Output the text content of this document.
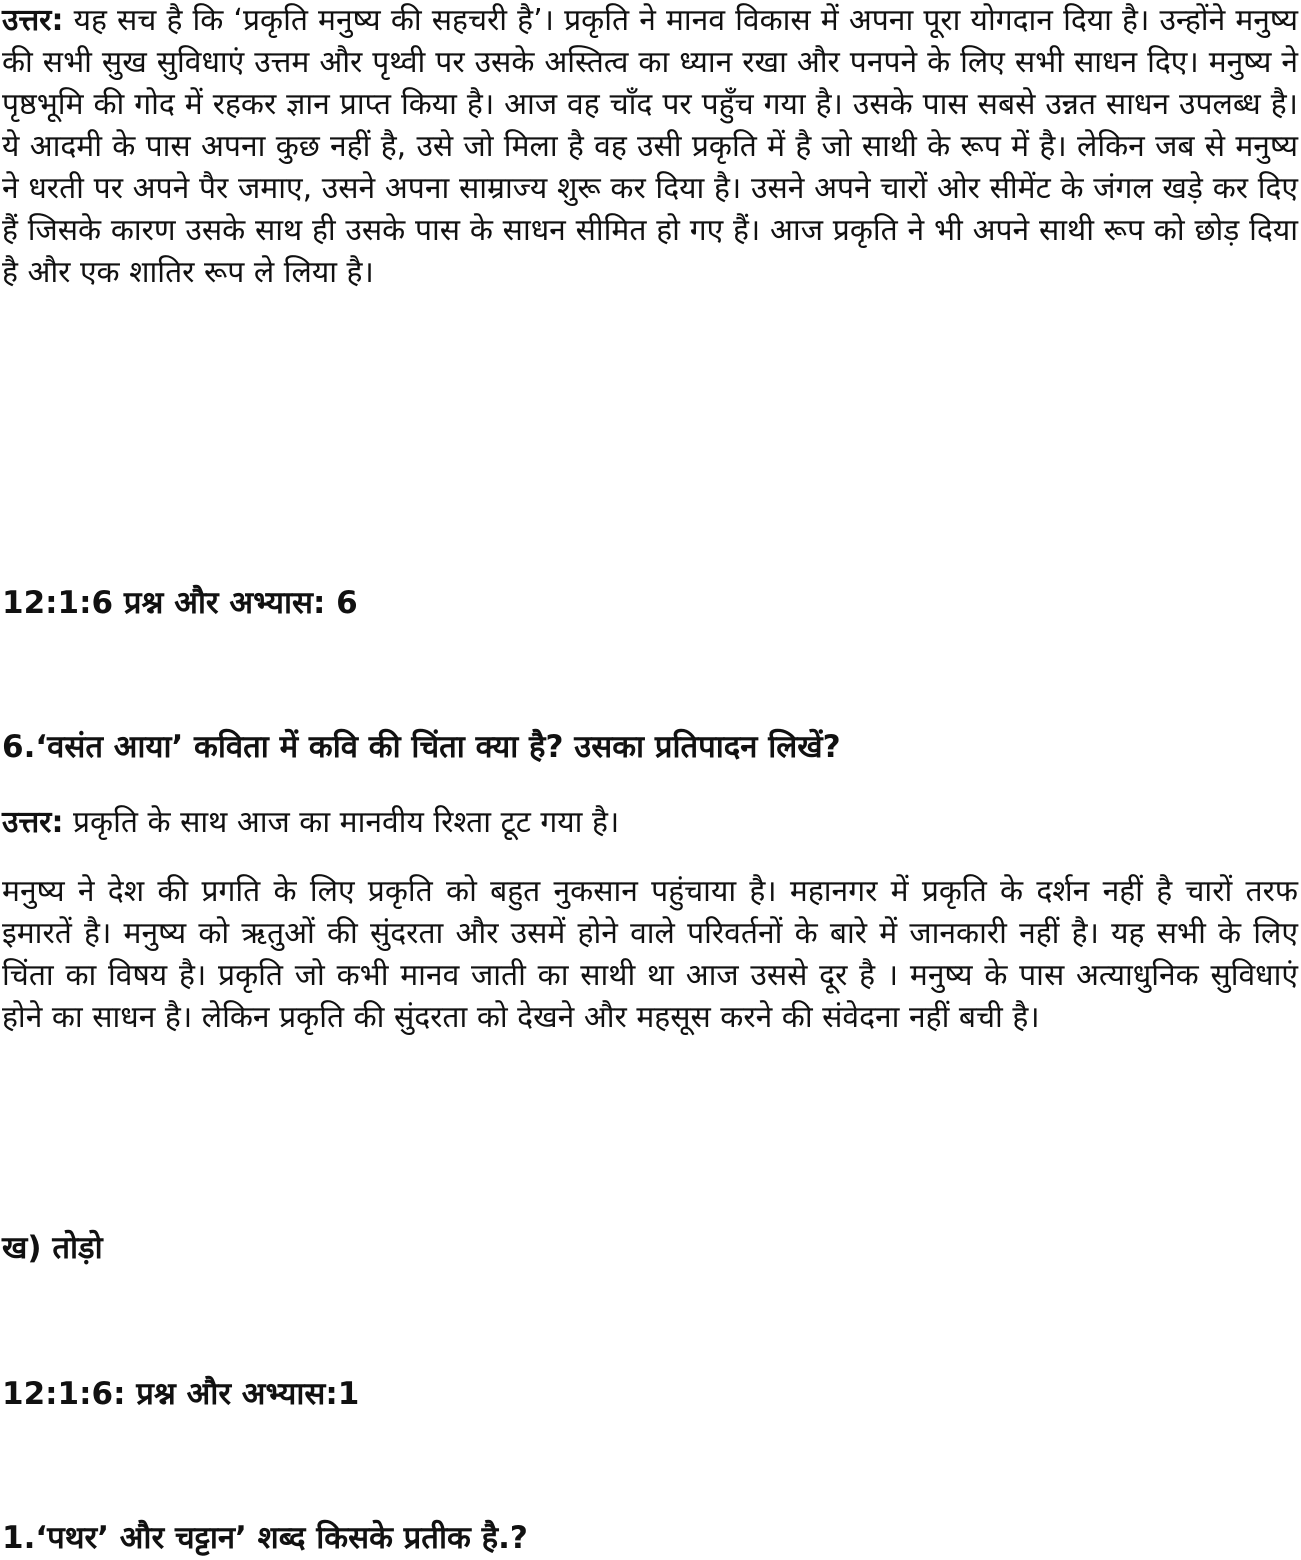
उत्तर: यह सच है कि ‘प्रकृति मनुष्य की सहचरी है’। प्रकृति ने मानव विकास में अपना पूरा योगदान दिया है। उन्होंने मनुष्य की सभी सुख सुविधाएं उत्तम और पृथ्वी पर उसके अस्तित्व का ध्यान रखा और पनपने के लिए सभी साधन दिए। मनुष्य ने पृष्ठभूमि की गोद में रहकर ज्ञान प्राप्त किया है। आज वह चाँद पर पहुँच गया है। उसके पास सबसे उन्नत साधन उपलब्ध है। ये आदमी के पास अपना कुछ नहीं है, उसे जो मिला है वह उसी प्रकृति में है जो साथी के रूप में है। लेकिन जब से मनुष्य ने धरती पर अपने पैर जमाए, उसने अपना साम्राज्य शुरू कर दिया है। उसने अपने चारों ओर सीमेंट के जंगल खड़े कर दिए हैं जिसके कारण उसके साथ ही उसके पास के साधन सीमित हो गए हैं। आज प्रकृति ने भी अपने साथी रूप को छोड़ दिया है और एक शातिर रूप ले लिया है।

12:1:6 प्रश्न और अभ्यास: 6
6.‘वसंत आया’ कविता में कवि की चिंता क्या है? उसका प्रतिपादन लिखें?

उत्तर: प्रकृति के साथ आज का मानवीय रिश्ता टूट गया है।

मनुष्य ने देश की प्रगति के लिए प्रकृति को बहुत नुकसान पहुंचाया है। महानगर में प्रकृति के दर्शन नहीं है चारों तरफ इमारतें है। मनुष्य को ऋतुओं की सुंदरता और उसमें होने वाले परिवर्तनों के बारे में जानकारी नहीं है। यह सभी के लिए चिंता का विषय है। प्रकृति जो कभी मानव जाती का साथी था आज उससे दूर है । मनुष्य के पास अत्याधुनिक सुविधाएं होने का साधन है। लेकिन प्रकृति की सुंदरता को देखने और महसूस करने की संवेदना नहीं बची है।

ख) तोड़ो
12:1:6: प्रश्न और अभ्यास:1
1.‘पथर’ और चट्टान’ शब्द किसके प्रतीक है.?
